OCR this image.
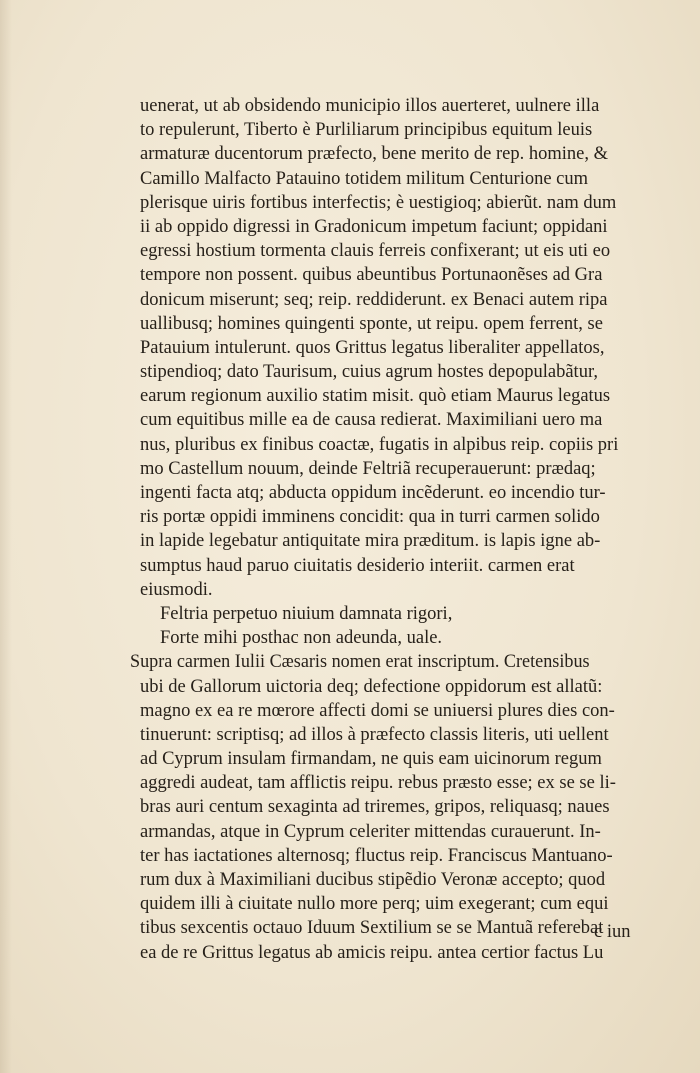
uenerat, ut ab obsidendo municipio illos auerteret, uulnere illa
to repulerunt, Tiberto è Purliliarum principibus equitum leuis
armaturæ ducentorum præfecto, bene merito de rep. homine, &
Camillo Malfacto Patauino totidem militum Centurione cum
plerisque uiris fortibus interfectis; è uestigioq; abierũt. nam dum
ii ab oppido digressi in Gradonicum impetum faciunt; oppidani
egressi hostium tormenta clauis ferreis confixerant; ut eis uti eo
tempore non possent. quibus abeuntibus Portunaonẽses ad Gra
donicum miserunt; seq; reip. reddiderunt. ex Benaci autem ripa
uallibusq; homines quingenti sponte, ut reipu. opem ferrent, se
Patauium intulerunt. quos Grittus legatus liberaliter appellatos,
stipendioq; dato Taurisum, cuius agrum hostes depopulabãtur,
earum regionum auxilio statim misit. quò etiam Maurus legatus
cum equitibus mille ea de causa redierat. Maximiliani uero ma
nus, pluribus ex finibus coactæ, fugatis in alpibus reip. copiis pri
mo Castellum nouum, deinde Feltriã recuperauerunt: prædaq;
ingenti facta atq; abducta oppidum incẽderunt. eo incendio tur-
ris portæ oppidi imminens concidit: qua in turri carmen solido
in lapide legebatur antiquitate mira præditum. is lapis igne ab-
sumptus haud paruo ciuitatis desiderio interiit. carmen erat
eiusmodi.
Feltria perpetuo niuium damnata rigori,
Forte mihi posthac non adeunda, uale.
Supra carmen Iulii Cæsaris nomen erat inscriptum. Cretensibus
ubi de Gallorum uictoria deq; defectione oppidorum est allatũ:
magno ex ea re mœrore affecti domi se uniuersi plures dies con-
tinuerunt: scriptisq; ad illos à præfecto classis literis, uti uellent
ad Cyprum insulam firmandam, ne quis eam uicinorum regum
aggredi audeat, tam afflictis reipu. rebus præsto esse; ex se se li-
bras auri centum sexaginta ad triremes, gripos, reliquasq; naues
armandas, atque in Cyprum celeriter mittendas curauerunt. In-
ter has iactationes alternosq; fluctus reip. Franciscus Mantuano-
rum dux à Maximiliani ducibus stipẽdio Veronæ accepto; quod
quidem illi à ciuitate nullo more perq; uim exegerant; cum equi
tibus sexcentis octauo Iduum Sextilium se se Mantuã referebat
ea de re Grittus legatus ab amicis reipu. antea certior factus Lu
c iun
